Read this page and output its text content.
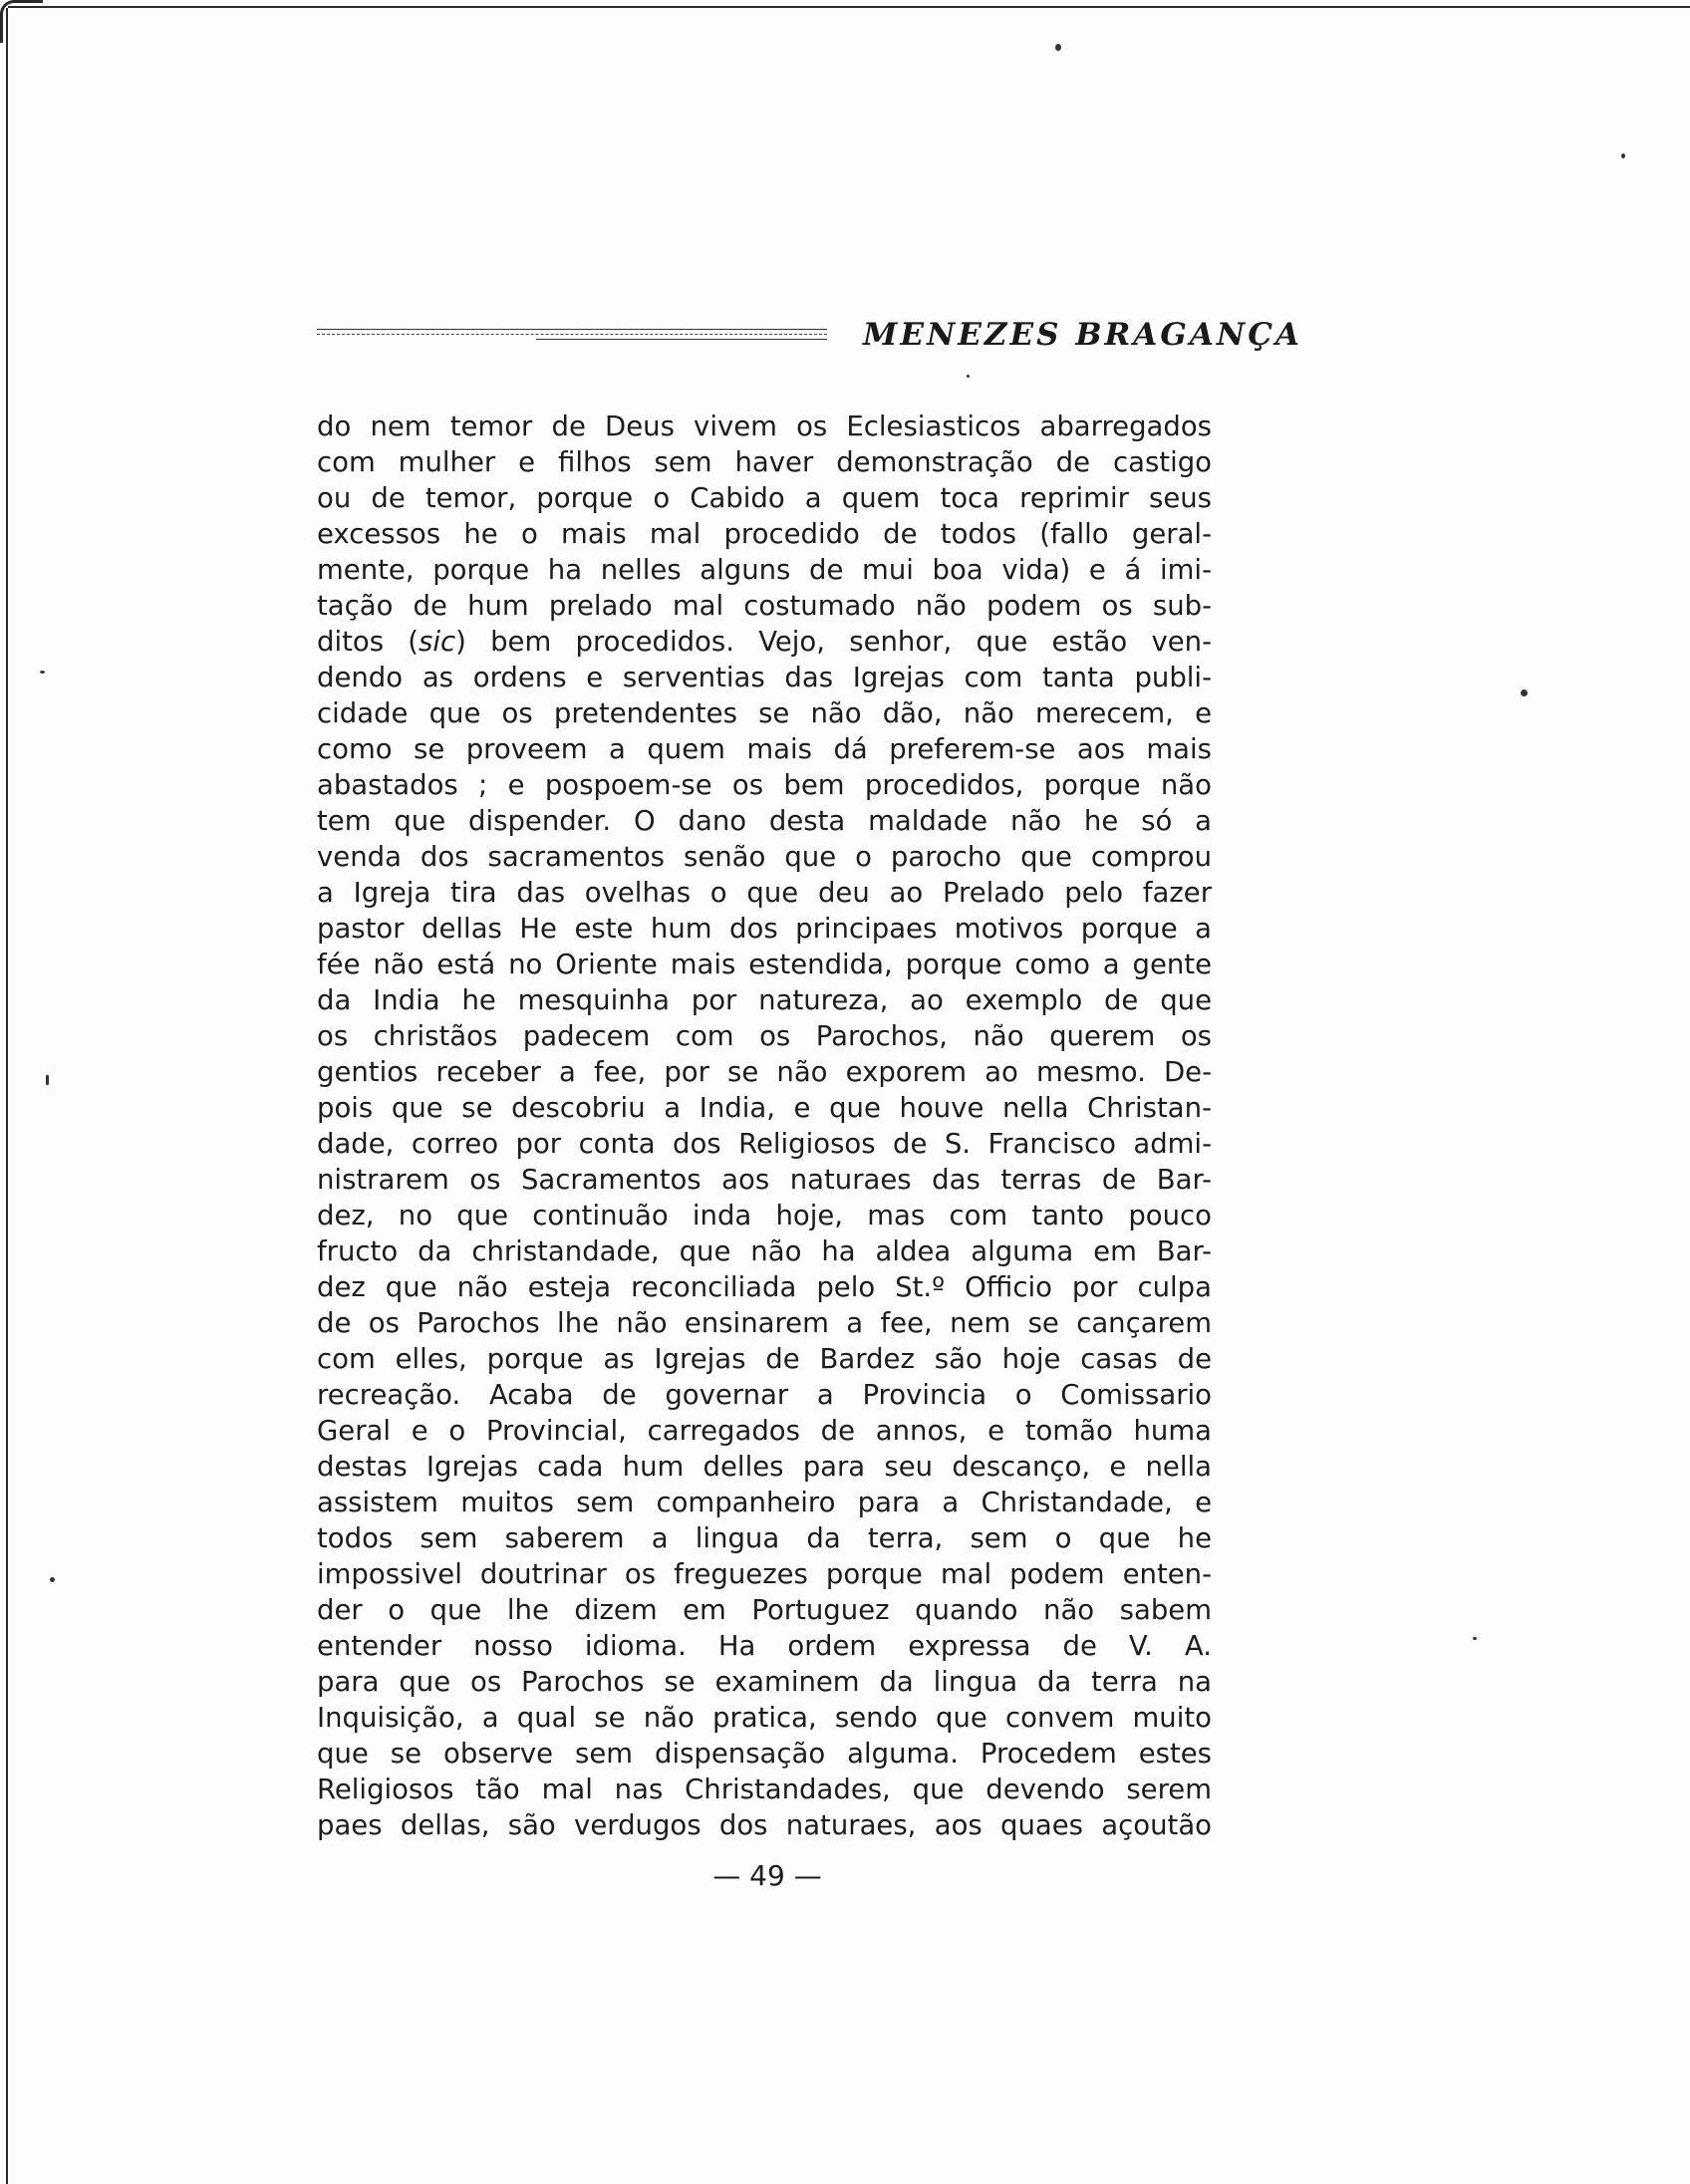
MENEZES BRAGANÇA
do nem temor de Deus vivem os Eclesiasticos abarregados
com mulher e filhos sem haver demonstração de castigo
ou de temor, porque o Cabido a quem toca reprimir seus
excessos he o mais mal procedido de todos (fallo geral-
mente, porque ha nelles alguns de mui boa vida) e á imi-
tação de hum prelado mal costumado não podem os sub-
ditos (sic) bem procedidos. Vejo, senhor, que estão ven-
dendo as ordens e serventias das Igrejas com tanta publi-
cidade que os pretendentes se não dão, não merecem, e
como se proveem a quem mais dá preferem-se aos mais
abastados ; e pospoem-se os bem procedidos, porque não
tem que dispender. O dano desta maldade não he só a
venda dos sacramentos senão que o parocho que comprou
a Igreja tira das ovelhas o que deu ao Prelado pelo fazer
pastor dellas He este hum dos principaes motivos porque a
fée não está no Oriente mais estendida, porque como a gente
da India he mesquinha por natureza, ao exemplo de que
os christãos padecem com os Parochos, não querem os
gentios receber a fee, por se não exporem ao mesmo. De-
pois que se descobriu a India, e que houve nella Christan-
dade, correo por conta dos Religiosos de S. Francisco admi-
nistrarem os Sacramentos aos naturaes das terras de Bar-
dez, no que continuão inda hoje, mas com tanto pouco
fructo da christandade, que não ha aldea alguma em Bar-
dez que não esteja reconciliada pelo St.º Officio por culpa
de os Parochos lhe não ensinarem a fee, nem se cançarem
com elles, porque as Igrejas de Bardez são hoje casas de
recreação. Acaba de governar a Provincia o Comissario
Geral e o Provincial, carregados de annos, e tomão huma
destas Igrejas cada hum delles para seu descanço, e nella
assistem muitos sem companheiro para a Christandade, e
todos sem saberem a lingua da terra, sem o que he
impossivel doutrinar os freguezes porque mal podem enten-
der o que lhe dizem em Portuguez quando não sabem
entender nosso idioma. Ha ordem expressa de V. A.
para que os Parochos se examinem da lingua da terra na
Inquisição, a qual se não pratica, sendo que convem muito
que se observe sem dispensação alguma. Procedem estes
Religiosos tão mal nas Christandades, que devendo serem
paes dellas, são verdugos dos naturaes, aos quaes açoutão
— 49 —
